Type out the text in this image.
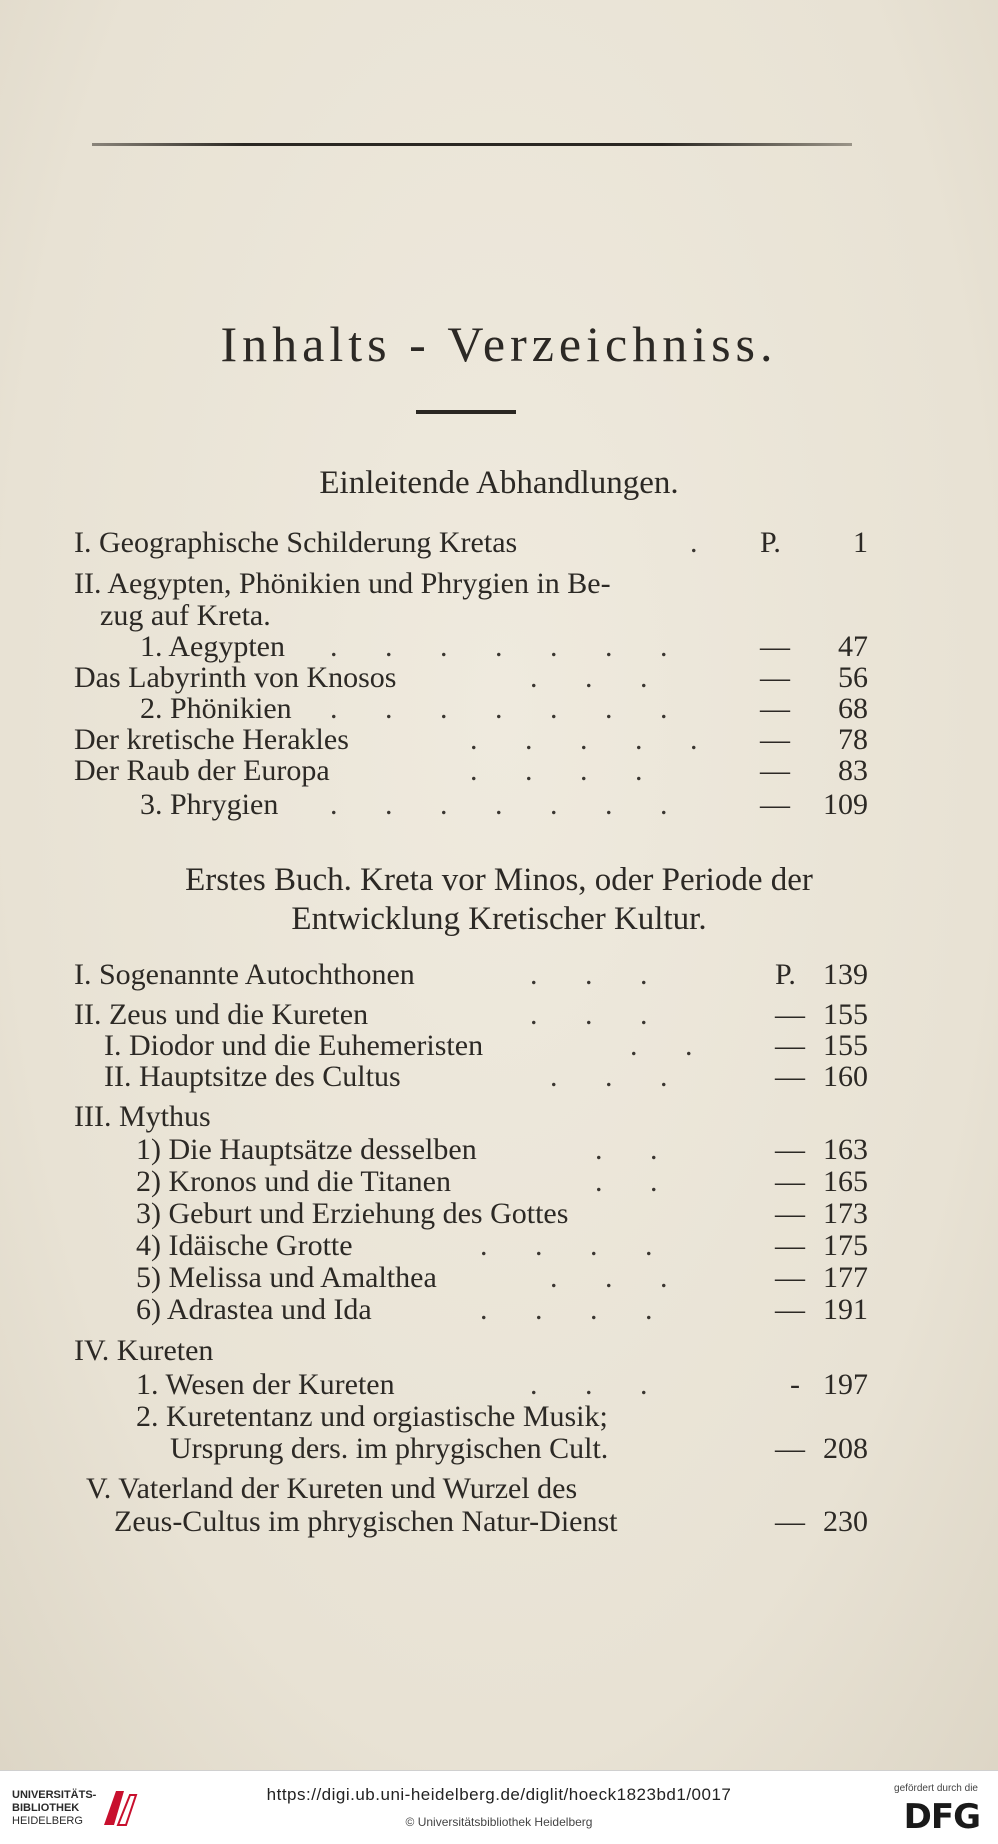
Inhalts - Verzeichniss.
Einleitende Abhandlungen.
I. Geographische Schilderung Kretas	. P. 1
II. Aegypten, Phönikien und Phrygien in Be-
zug auf Kreta.
1. Aegypten . . . . . . . — 47
Das Labyrinth von Knosos	. . .	— 56
2. Phönikien . . . . . . . — 68
Der kretische Herakles	. . . . . — 78
Der Raub der Europa	. . . .	— 83
3. Phrygien . . . . . . . — 109
Erstes Buch. Kreta vor Minos, oder Periode der
Entwicklung Kretischer Kultur.
I. Sogenannte Autochthonen	. . .	P. 139
II. Zeus und die Kureten	. . .	— 155
I. Diodor und die Euhemeristen	. . — 155
II. Hauptsitze des Cultus	. . .	— 160
III. Mythus
1) Die Hauptsätze desselben	. .	— 163
2) Kronos und die Titanen	. .	— 165
3) Geburt und Erziehung des Gottes	— 173
4) Idäische Grotte	. . . .	— 175
5) Melissa und Amalthea	. . .	— 177
6) Adrastea und Ida	. . . .	— 191
IV. Kureten
1. Wesen der Kureten	. . .	- 197
2. Kuretentanz und orgiastische Musik;
Ursprung ders. im phrygischen Cult.	— 208
V. Vaterland der Kureten und Wurzel des
Zeus-Cultus im phrygischen Natur-Dienst	— 230
UNIVERSITÄTS-
BIBLIOTHEK
HEIDELBERG
https://digi.ub.uni-heidelberg.de/diglit/hoeck1823bd1/0017
© Universitätsbibliothek Heidelberg
gefördert durch die
DFG
